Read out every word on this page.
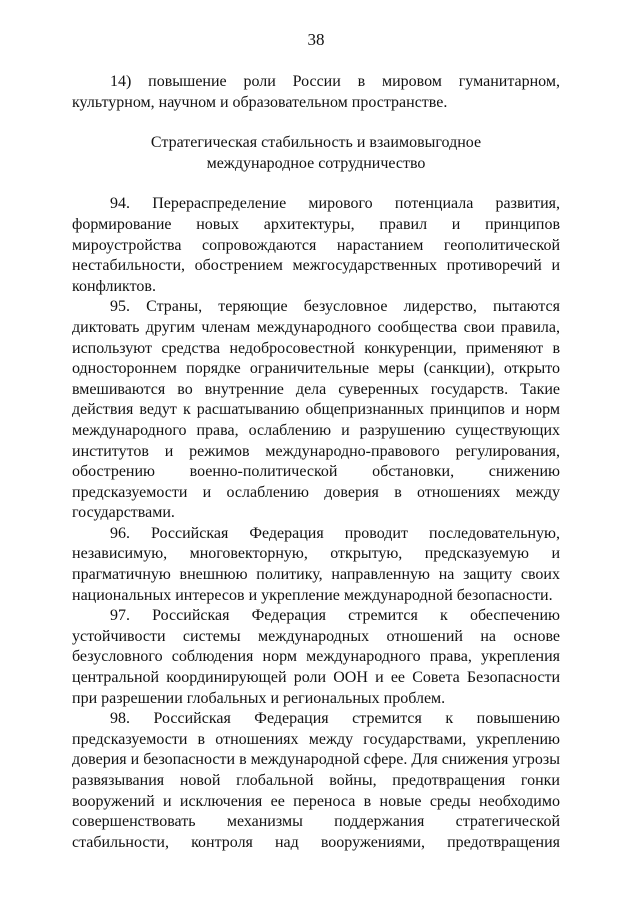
38

14) повышение роли России в мировом гуманитарном, культурном, научном и образовательном пространстве.

Стратегическая стабильность и взаимовыгодное
международное сотрудничество

94. Перераспределение мирового потенциала развития, формирование новых архитектуры, правил и принципов мироустройства сопровождаются нарастанием геополитической нестабильности, обострением межгосударственных противоречий и конфликтов.

95. Страны, теряющие безусловное лидерство, пытаются диктовать другим членам международного сообщества свои правила, используют средства недобросовестной конкуренции, применяют в одностороннем порядке ограничительные меры (санкции), открыто вмешиваются во внутренние дела суверенных государств. Такие действия ведут к расшатыванию общепризнанных принципов и норм международного права, ослаблению и разрушению существующих институтов и режимов международно-правового регулирования, обострению военно-политической обстановки, снижению предсказуемости и ослаблению доверия в отношениях между государствами.

96. Российская Федерация проводит последовательную, независимую, многовекторную, открытую, предсказуемую и прагматичную внешнюю политику, направленную на защиту своих национальных интересов и укрепление международной безопасности.

97. Российская Федерация стремится к обеспечению устойчивости системы международных отношений на основе безусловного соблюдения норм международного права, укрепления центральной координирующей роли ООН и ее Совета Безопасности при разрешении глобальных и региональных проблем.

98. Российская Федерация стремится к повышению предсказуемости в отношениях между государствами, укреплению доверия и безопасности в международной сфере. Для снижения угрозы развязывания новой глобальной войны, предотвращения гонки вооружений и исключения ее переноса в новые среды необходимо совершенствовать механизмы поддержания стратегической стабильности, контроля над вооружениями, предотвращения
